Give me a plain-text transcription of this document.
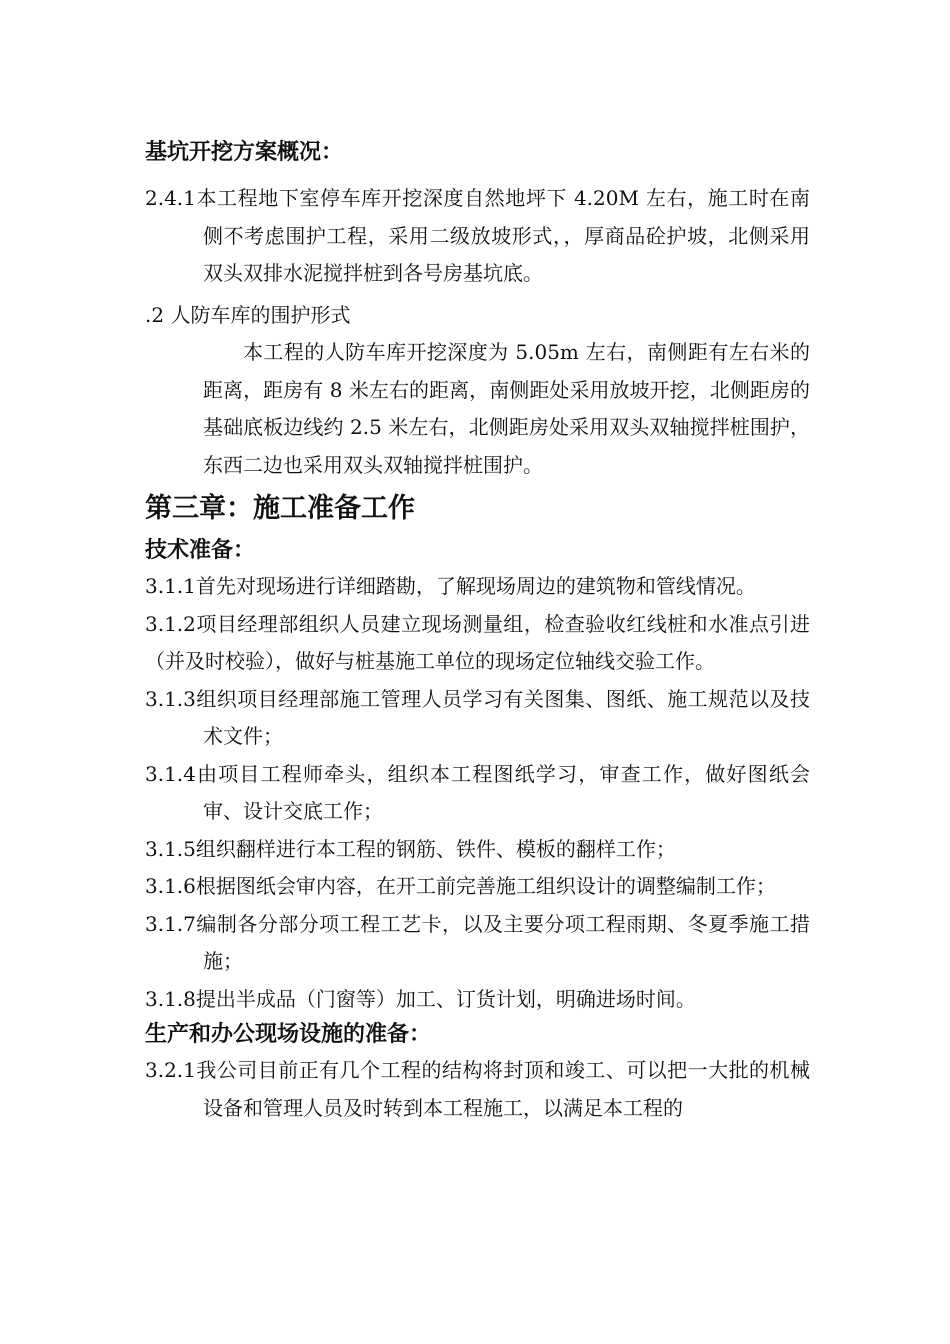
基坑开挖方案概况：

2.4.1本工程地下室停车库开挖深度自然地坪下 4.20M 左右，施工时在南侧不考虑围护工程，采用二级放坡形式，，厚商品砼护坡，北侧采用双头双排水泥搅拌桩到各号房基坑底。

.2 人防车库的围护形式

本工程的人防车库开挖深度为 5.05m 左右，南侧距有左右米的距离，距房有 8 米左右的距离，南侧距处采用放坡开挖，北侧距房的基础底板边线约 2.5 米左右，北侧距房处采用双头双轴搅拌桩围护，东西二边也采用双头双轴搅拌桩围护。

第三章：施工准备工作
技术准备：

3.1.1首先对现场进行详细踏勘，了解现场周边的建筑物和管线情况。

3.1.2项目经理部组织人员建立现场测量组，检查验收红线桩和水准点引进（并及时校验），做好与桩基施工单位的现场定位轴线交验工作。

3.1.3组织项目经理部施工管理人员学习有关图集、图纸、施工规范以及技术文件；

3.1.4由项目工程师牵头，组织本工程图纸学习，审查工作，做好图纸会审、设计交底工作；

3.1.5组织翻样进行本工程的钢筋、铁件、模板的翻样工作；

3.1.6根据图纸会审内容，在开工前完善施工组织设计的调整编制工作；

3.1.7编制各分部分项工程工艺卡，以及主要分项工程雨期、冬夏季施工措施；

3.1.8提出半成品（门窗等）加工、订货计划，明确进场时间。

生产和办公现场设施的准备：

3.2.1我公司目前正有几个工程的结构将封顶和竣工、可以把一大批的机械设备和管理人员及时转到本工程施工，以满足本工程的
